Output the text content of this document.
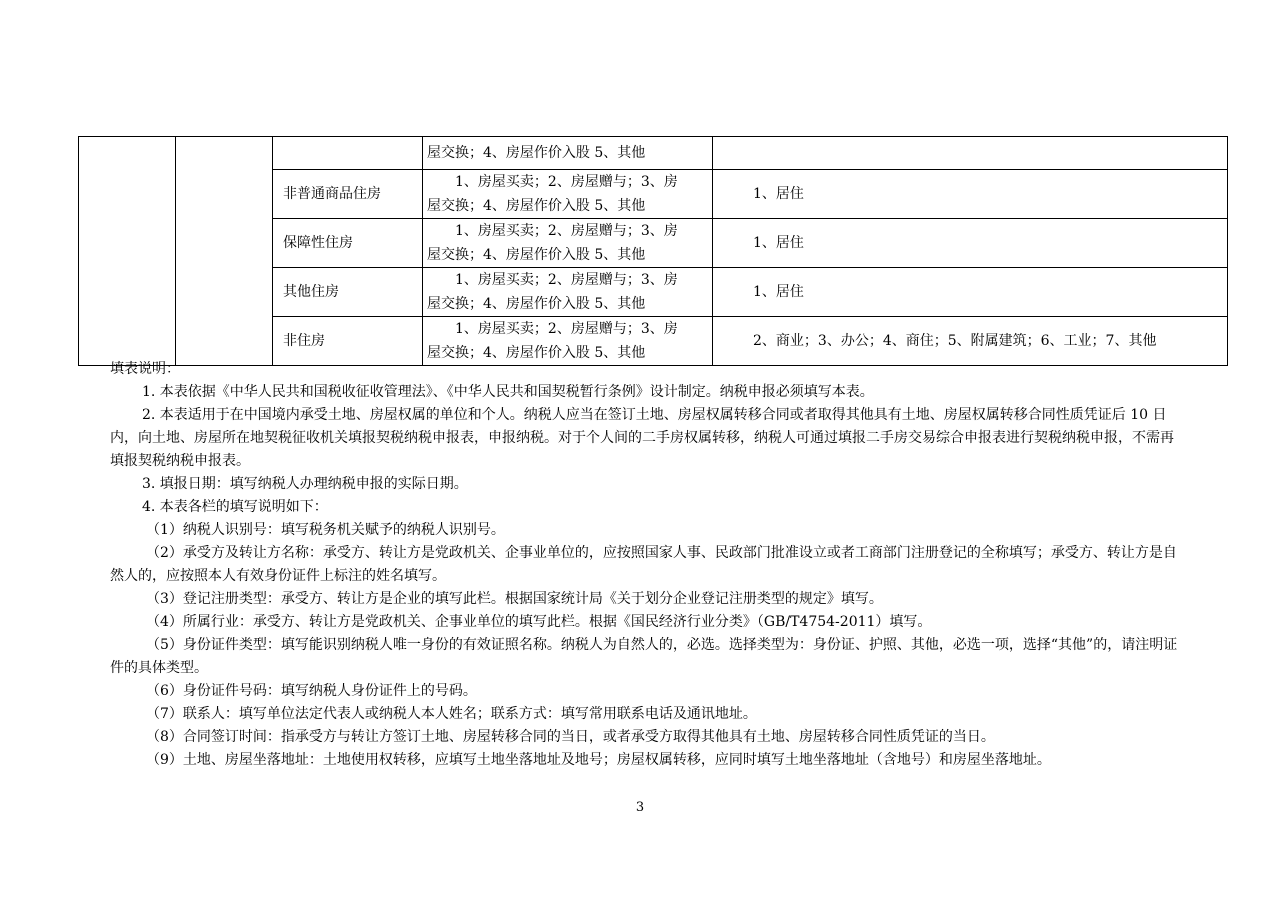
			屋交换；4、房屋作价入股 5、其他	

		非普通商品住房	1、房屋买卖；2、房屋赠与；3、房
屋交换；4、房屋作价入股 5、其他	1、居住
		保障性住房	1、房屋买卖；2、房屋赠与；3、房
屋交换；4、房屋作价入股 5、其他	1、居住
		其他住房	1、房屋买卖；2、房屋赠与；3、房
屋交换；4、房屋作价入股 5、其他	1、居住
		非住房	1、房屋买卖；2、房屋赠与；3、房
屋交换；4、房屋作价入股 5、其他	2、商业；3、办公；4、商住；5、附属建筑；6、工业；7、其他

填表说明：

1. 本表依据《中华人民共和国税收征收管理法》、《中华人民共和国契税暂行条例》设计制定。纳税申报必须填写本表。

2. 本表适用于在中国境内承受土地、房屋权属的单位和个人。纳税人应当在签订土地、房屋权属转移合同或者取得其他具有土地、房屋权属转移合同性质凭证后 10 日内，向土地、房屋所在地契税征收机关填报契税纳税申报表，申报纳税。对于个人间的二手房权属转移，纳税人可通过填报二手房交易综合申报表进行契税纳税申报，不需再填报契税纳税申报表。

3. 填报日期：填写纳税人办理纳税申报的实际日期。

4. 本表各栏的填写说明如下：

（1）纳税人识别号：填写税务机关赋予的纳税人识别号。

（2）承受方及转让方名称：承受方、转让方是党政机关、企事业单位的，应按照国家人事、民政部门批准设立或者工商部门注册登记的全称填写；承受方、转让方是自然人的，应按照本人有效身份证件上标注的姓名填写。

（3）登记注册类型：承受方、转让方是企业的填写此栏。根据国家统计局《关于划分企业登记注册类型的规定》填写。

（4）所属行业：承受方、转让方是党政机关、企事业单位的填写此栏。根据《国民经济行业分类》（GB/T4754-2011）填写。

（5）身份证件类型：填写能识别纳税人唯一身份的有效证照名称。纳税人为自然人的，必选。选择类型为：身份证、护照、其他，必选一项，选择“其他”的，请注明证件的具体类型。

（6）身份证件号码：填写纳税人身份证件上的号码。

（7）联系人：填写单位法定代表人或纳税人本人姓名；联系方式：填写常用联系电话及通讯地址。

（8）合同签订时间：指承受方与转让方签订土地、房屋转移合同的当日，或者承受方取得其他具有土地、房屋转移合同性质凭证的当日。

（9）土地、房屋坐落地址：土地使用权转移，应填写土地坐落地址及地号；房屋权属转移，应同时填写土地坐落地址（含地号）和房屋坐落地址。

3
